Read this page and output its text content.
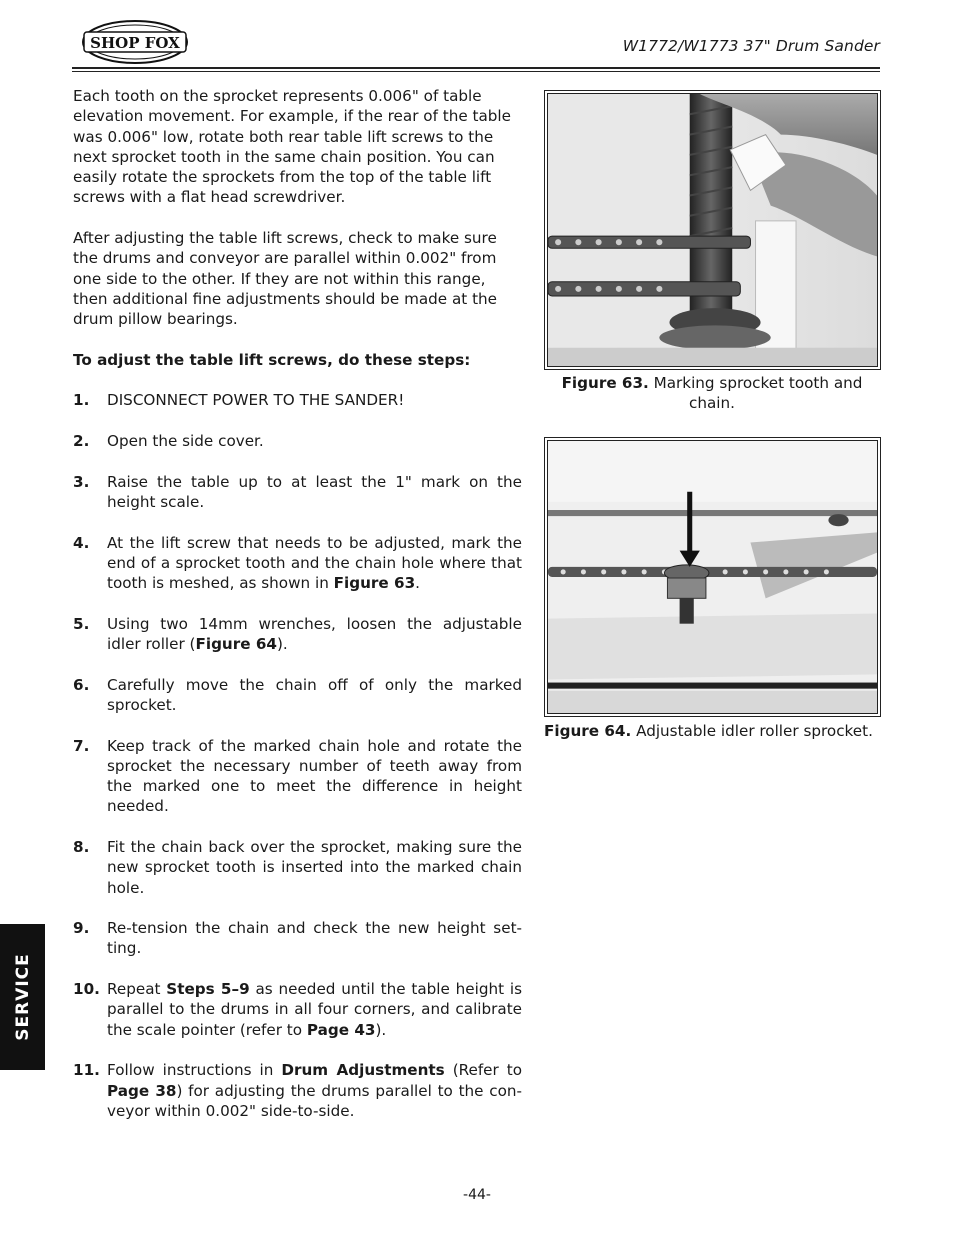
SHOP FOX	W1772/W1773 37" Drum Sander

Each tooth on the sprocket represents 0.006" of table elevation movement. For example, if the rear of the table was 0.006" low, rotate both rear table lift screws to the next sprocket tooth in the same chain position. You can easily rotate the sprockets from the top of the table lift screws with a flat head screwdriver.

After adjusting the table lift screws, check to make sure the drums and conveyor are parallel within 0.002" from one side to the other. If they are not within this range, then additional fine adjustments should be made at the drum pillow bearings.

To adjust the table lift screws, do these steps:

1.	DISCONNECT POWER TO THE SANDER!
2.	Open the side cover.
3.	Raise the table up to at least the 1" mark on the height scale.
4.	At the lift screw that needs to be adjusted, mark the end of a sprocket tooth and the chain hole where that tooth is meshed, as shown in Figure 63.
5.	Using two 14mm wrenches, loosen the adjustable idler roller (Figure 64).
6.	Carefully move the chain off of only the marked sprocket.
7.	Keep track of the marked chain hole and rotate the sprocket the necessary number of teeth away from the marked one to meet the difference in height needed.
8.	Fit the chain back over the sprocket, making sure the new sprocket tooth is inserted into the marked chain hole.
9.	Re-tension the chain and check the new height set-ting.
10. Repeat Steps 5–9 as needed until the table height is parallel to the drums in all four corners, and calibrate the scale pointer (refer to Page 43).
11. Follow instructions in Drum Adjustments (Refer to Page 38) for adjusting the drums parallel to the con-veyor within 0.002" side-to-side.
Figure 63. Marking sprocket tooth and chain.
Figure 64. Adjustable idler roller sprocket.
SERVICE
-44-
